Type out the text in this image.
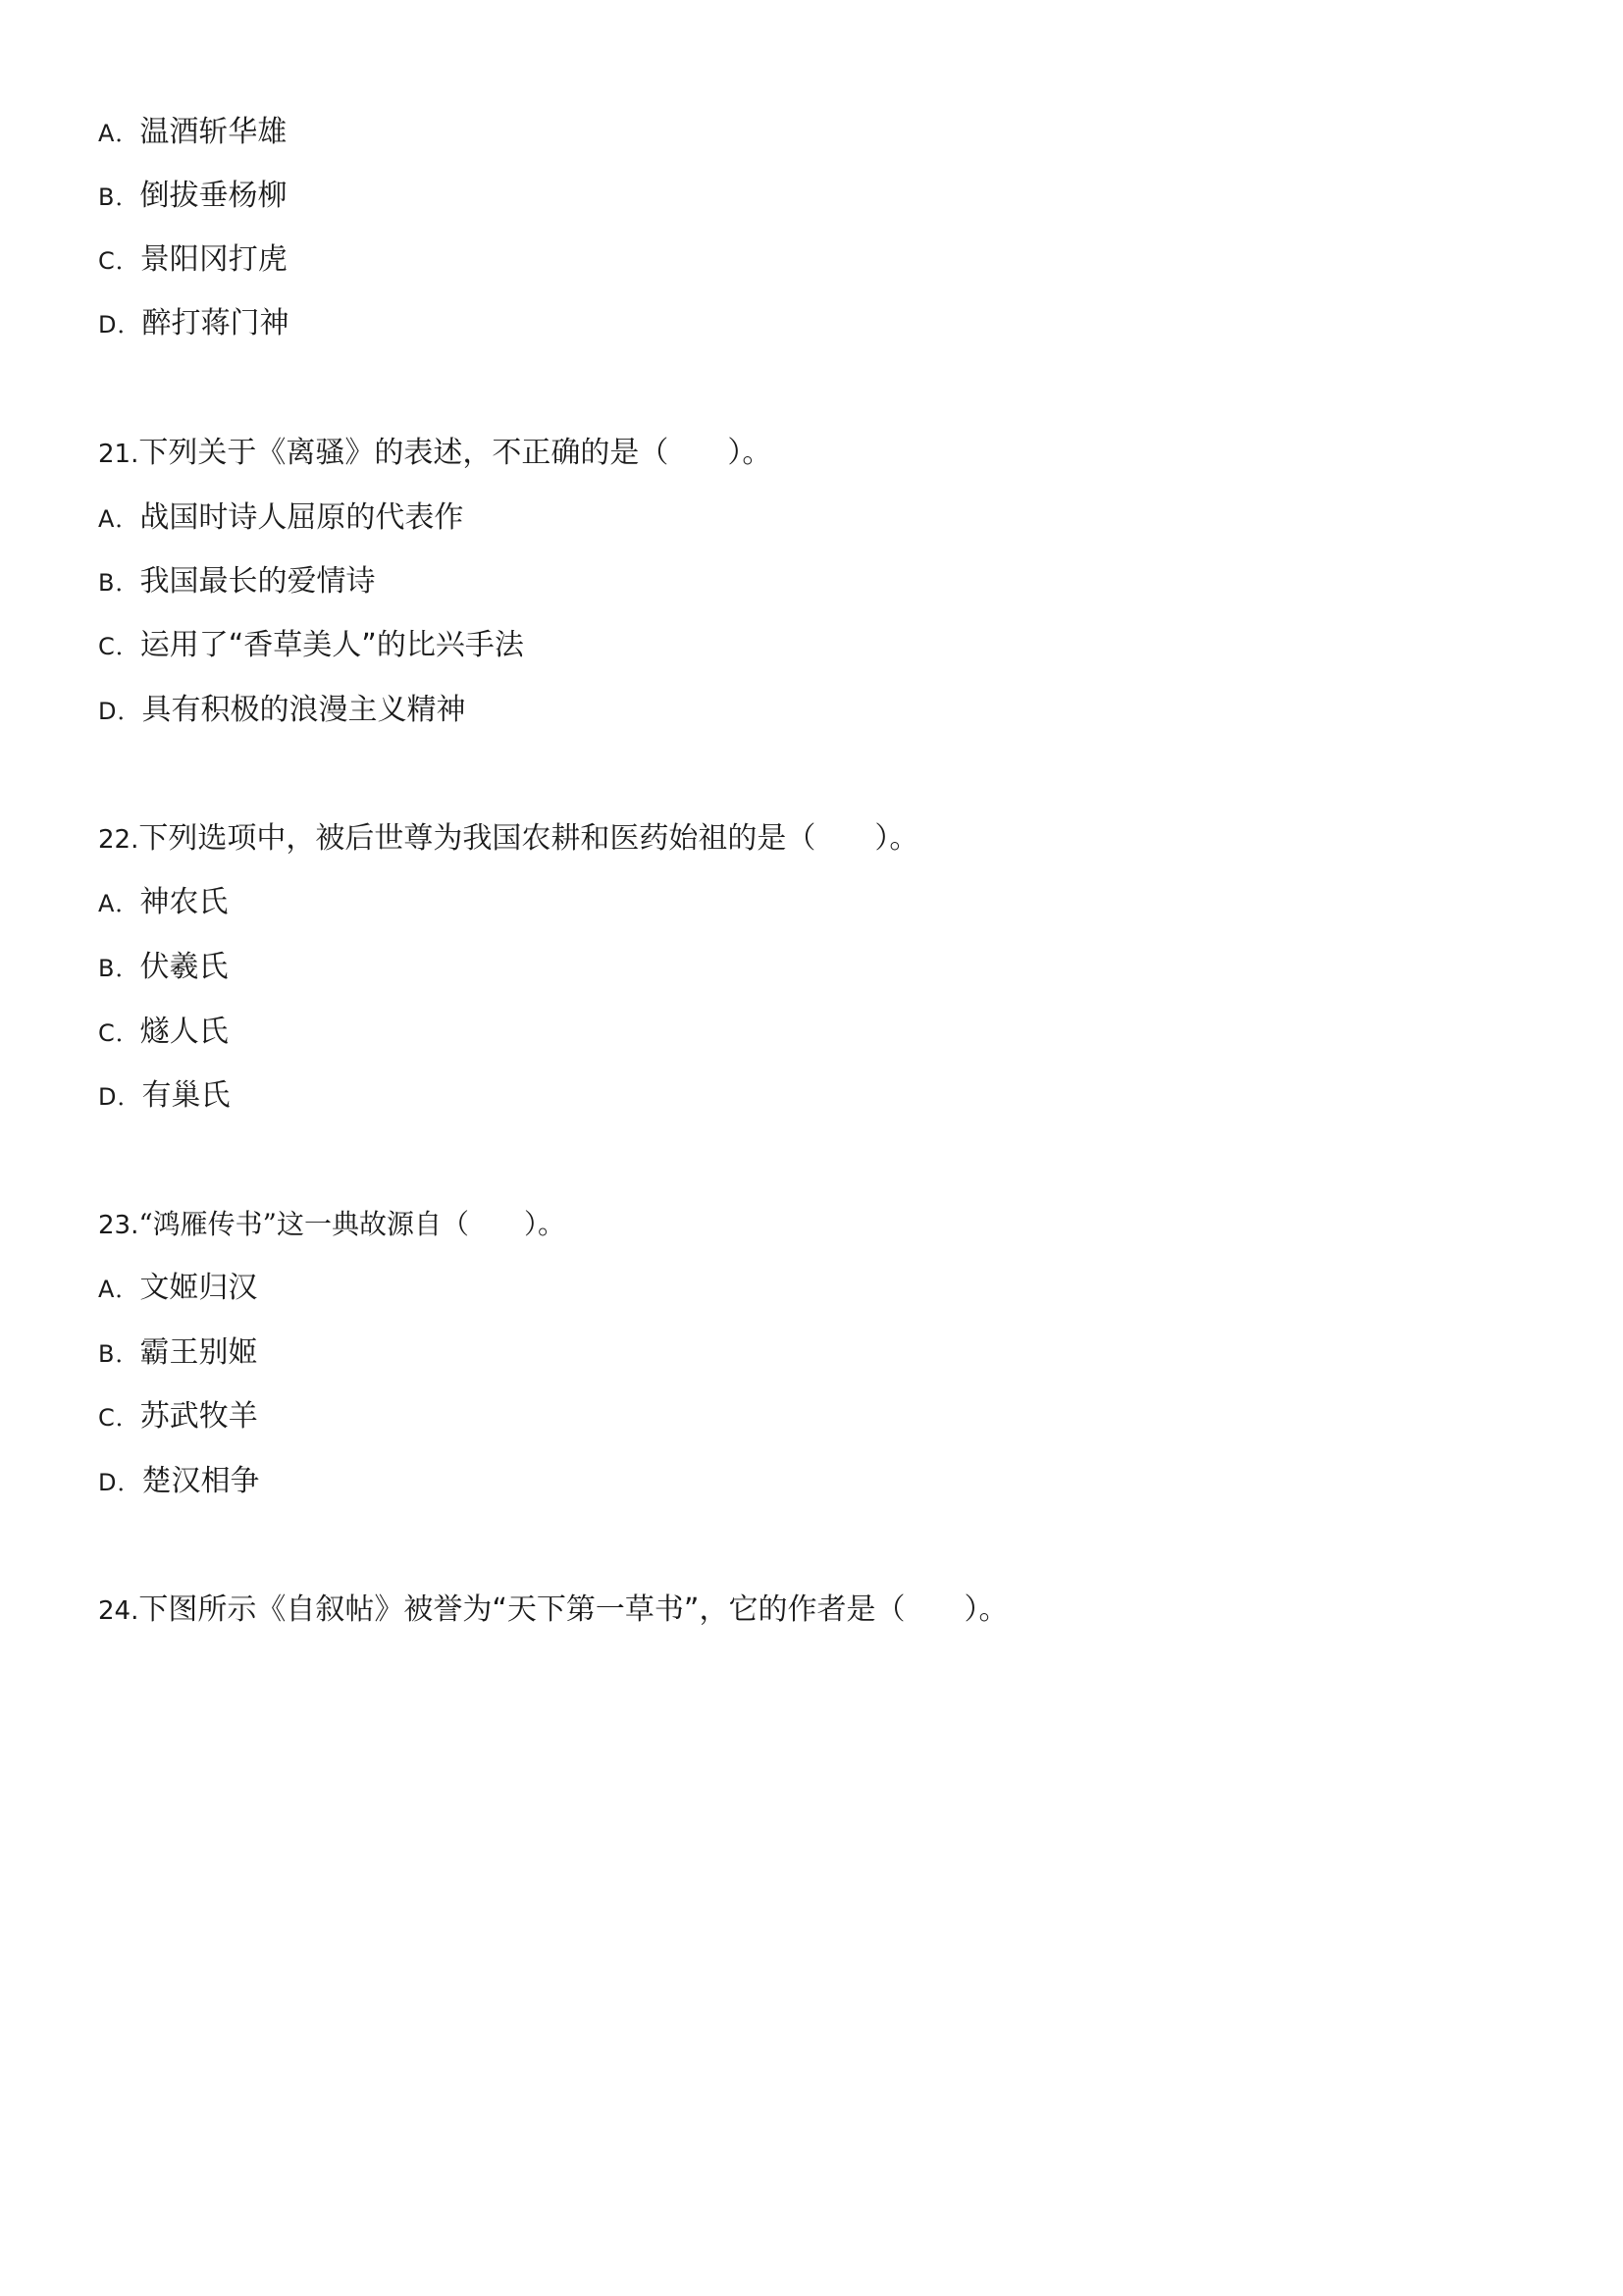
A．温酒斩华雄
B．倒拔垂杨柳
C．景阳冈打虎
D．醉打蒋门神
21.下列关于《离骚》的表述，不正确的是（　　）。
A．战国时诗人屈原的代表作
B．我国最长的爱情诗
C．运用了“香草美人”的比兴手法
D．具有积极的浪漫主义精神
22.下列选项中，被后世尊为我国农耕和医药始祖的是（　　）。
A．神农氏
B．伏羲氏
C．燧人氏
D．有巢氏
23.“鸿雁传书”这一典故源自（　　）。
A．文姬归汉
B．霸王别姬
C．苏武牧羊
D．楚汉相争
24.下图所示《自叙帖》被誉为“天下第一草书”，它的作者是（　　）。
